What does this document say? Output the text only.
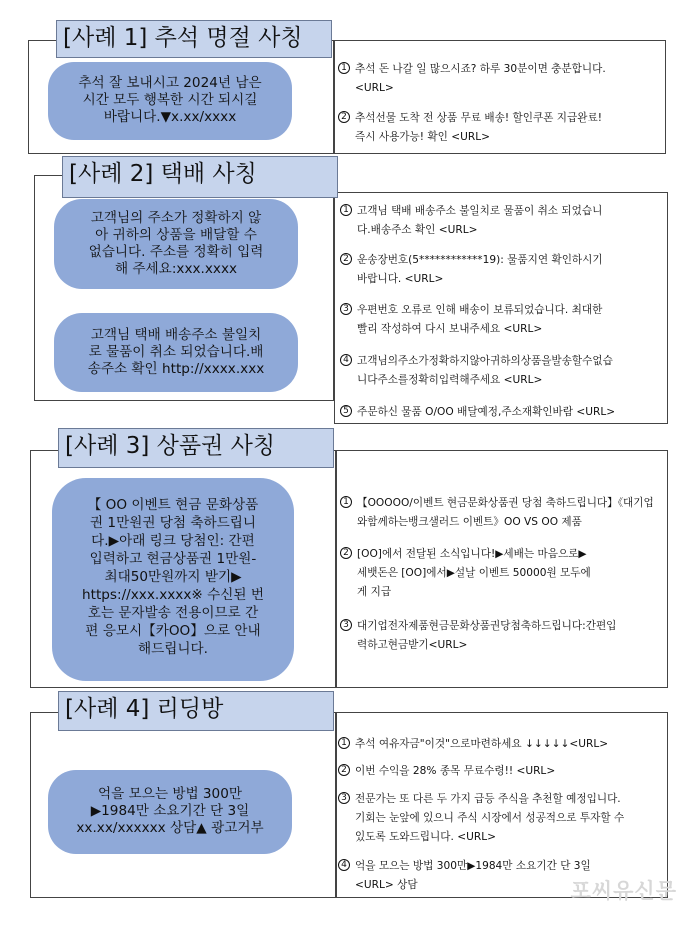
[사례 1] 추석 명절 사칭
추석 잘 보내시고 2024년 남은
시간 모두 행복한 시간 되시길
바랍니다.▼x.xx/xxxx
1 추석 돈 나갈 일 많으시죠? 하루 30분이면 충분합니다.
<URL>
2 추석선물 도착 전 상품 무료 배송! 할인쿠폰 지급완료!
즉시 사용가능! 확인 <URL>
[사례 2] 택배 사칭
고객님의 주소가 정확하지 않
아 귀하의 상품을 배달할 수
없습니다. 주소를 정확히 입력
해 주세요:xxx.xxxx
고객님 택배 배송주소 불일치
로 물품이 취소 되었습니다.배
송주소 확인 http://xxxx.xxx
1 고객님 택배 배송주소 불일치로 물품이 취소 되었습니
다.배송주소 확인 <URL>
2 운송장번호(5************19): 물품지연 확인하시기
바랍니다. <URL>
3 우편번호 오류로 인해 배송이 보류되었습니다. 최대한
빨리 작성하여 다시 보내주세요 <URL>
4 고객님의주소가정확하지않아귀하의상품을발송할수없습
니다주소를정확히입력해주세요 <URL>
5 주문하신 물품 O/OO 배달예정,주소재확인바람 <URL>
[사례 3] 상품권 사칭
【 OO 이벤트 현금 문화상품
권 1만원권 당첨 축하드립니
다.▶아래 링크 당첨인: 간편
입력하고 현금상품권 1만원-
최대50만원까지 받기▶
https://xxx.xxxx※ 수신된 번
호는 문자발송 전용이므로 간
편 응모시【카OO】으로 안내
해드립니다.
1 【OOOOO/이벤트 현금문화상품권 당첨 축하드립니다】《대기업
와함께하는뱅크샐러드 이벤트》OO VS OO 제품
2 [OO]에서 전달된 소식입니다!▶세배는 마음으로▶
세뱃돈은 [OO]에서▶설날 이벤트 50000원 모두에
게 지급
3 대기업전자제품현금문화상품권당첨축하드립니다:간편입
력하고현금받기<URL>
[사례 4] 리딩방
억을 모으는 방법 300만
▶1984만 소요기간 단 3일
xx.xx/xxxxxx 상담▲ 광고거부
1 추석 여유자금"이것"으로마련하세요 ↓↓↓↓↓<URL>
2 이번 수익을 28% 종목 무료수령!! <URL>
3 전문가는 또 다른 두 가지 급등 주식을 추천할 예정입니다.
기회는 눈앞에 있으니 주식 시장에서 성공적으로 투자할 수
있도록 도와드립니다. <URL>
4 억을 모으는 방법 300만▶1984만 소요기간 단 3일
<URL> 상담	포씨유신문
